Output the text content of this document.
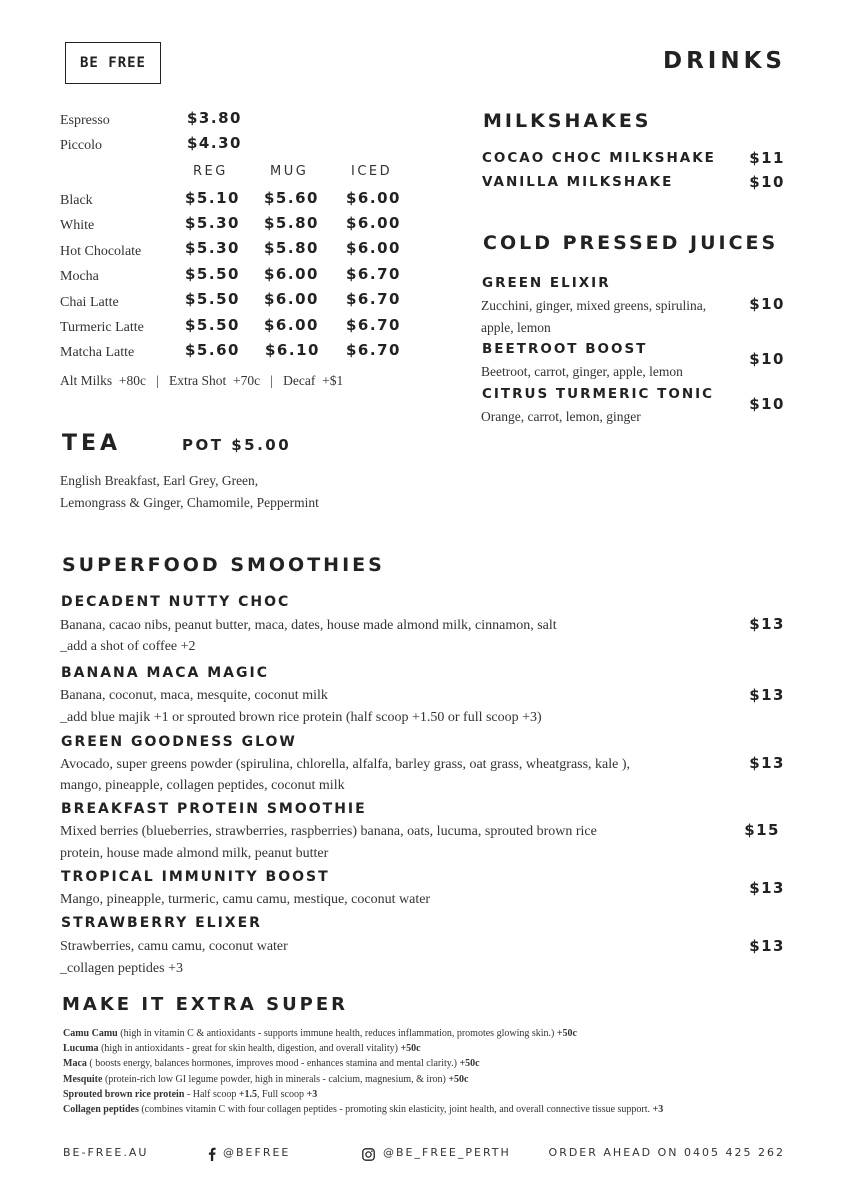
BE FREE	DRINKS
Espresso	$3.80
Piccolo	$4.30
REG	MUG	ICED
Black	$5.10 $5.60 $6.00
White	$5.30 $5.80 $6.00
Hot Chocolate	$5.30 $5.80 $6.00
Mocha	$5.50 $6.00 $6.70
Chai Latte	$5.50 $6.00 $6.70
Turmeric Latte	$5.50 $6.00 $6.70
Matcha Latte	$5.60 $6.10 $6.70
Alt Milks  +80c   |   Extra Shot  +70c   |   Decaf  +$1
TEA	POT $5.00
English Breakfast, Earl Grey, Green,
Lemongrass & Ginger, Chamomile, Peppermint
MILKSHAKES
COCAO CHOC MILKSHAKE $11
VANILLA MILKSHAKE	$10
COLD PRESSED JUICES
GREEN ELIXIR
Zucchini, ginger, mixed greens, spirulina,
apple, lemon
$10
BEETROOT BOOST
Beetroot, carrot, ginger, apple, lemon
$10
CITRUS TURMERIC TONIC
Orange, carrot, lemon, ginger
$10
SUPERFOOD SMOOTHIES
DECADENT NUTTY CHOC
Banana, cacao nibs, peanut butter, maca, dates, house made almond milk, cinnamon, salt
_add a shot of coffee +2
$13
BANANA MACA MAGIC
Banana, coconut, maca, mesquite, coconut milk
_add blue majik +1 or sprouted brown rice protein (half scoop +1.50 or full scoop +3)
$13
GREEN GOODNESS GLOW
Avocado, super greens powder (spirulina, chlorella, alfalfa, barley grass, oat grass, wheatgrass, kale ),
mango, pineapple, collagen peptides, coconut milk
$13
BREAKFAST PROTEIN SMOOTHIE
Mixed berries (blueberries, strawberries, raspberries) banana, oats, lucuma, sprouted brown rice
protein, house made almond milk, peanut butter
$15
TROPICAL IMMUNITY BOOST
Mango, pineapple, turmeric, camu camu, mestique, coconut water
$13
STRAWBERRY ELIXER
Strawberries, camu camu, coconut water
_collagen peptides +3
$13
MAKE IT EXTRA SUPER
Camu Camu (high in vitamin C & antioxidants - supports immune health, reduces inflammation, promotes glowing skin.) +50c
Lucuma (high in antioxidants - great for skin health, digestion, and overall vitality) +50c
Maca ( boosts energy, balances hormones, improves mood - enhances stamina and mental clarity.) +50c
Mesquite (protein-rich low GI legume powder, high in minerals - calcium, magnesium, & iron) +50c
Sprouted brown rice protein - Half scoop +1.5, Full scoop +3
Collagen peptides (combines vitamin C with four collagen peptides - promoting skin elasticity, joint health, and overall connective tissue support. +3
BE-FREE.AU	@BEFREE	@BE_FREE_PERTH	ORDER AHEAD ON 0405 425 262
